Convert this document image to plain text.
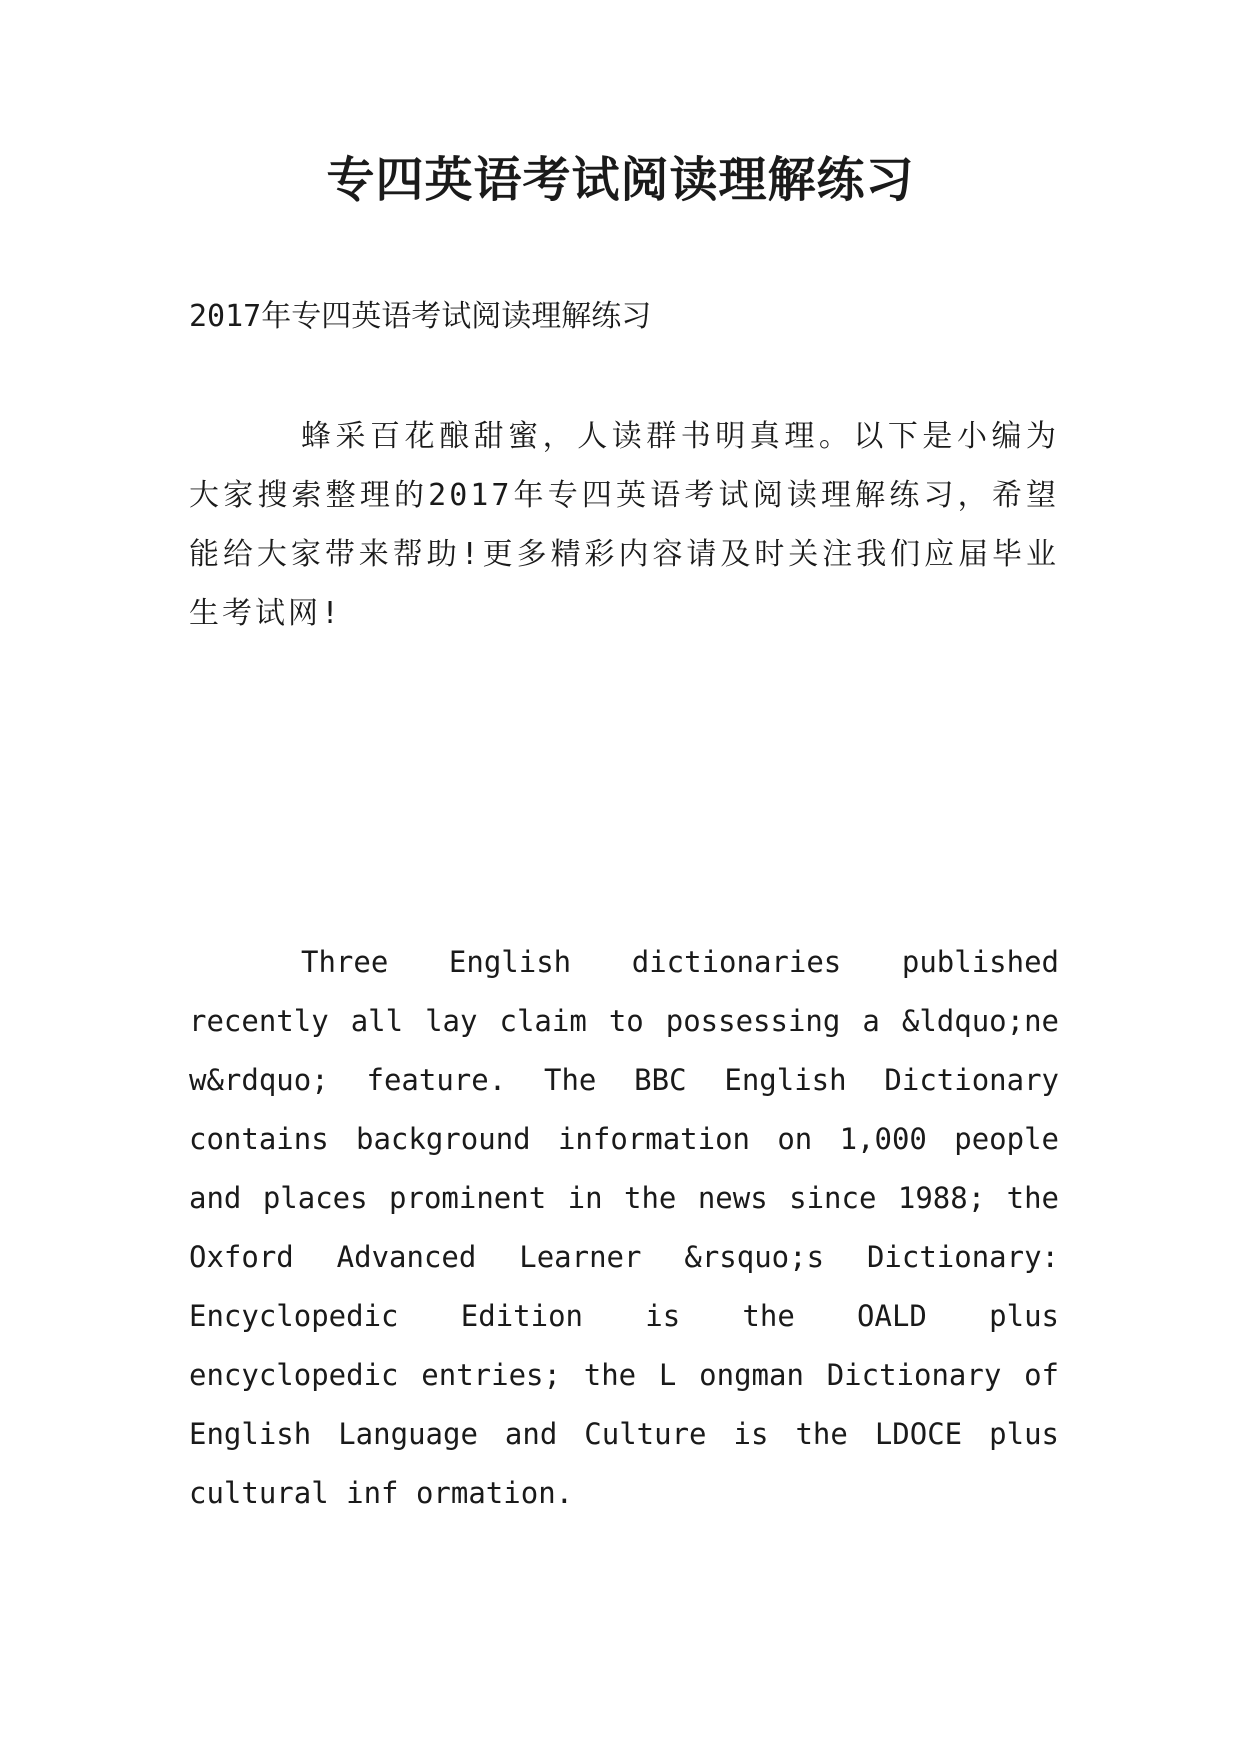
专四英语考试阅读理解练习

2017年专四英语考试阅读理解练习

蜂采百花酿甜蜜，人读群书明真理。以下是小编为大家搜索整理的2017年专四英语考试阅读理解练习，希望能给大家带来帮助!更多精彩内容请及时关注我们应届毕业生考试网!

Three English dictionaries published recently all lay claim to possessing a &ldquo;ne w&rdquo; feature. The BBC English Dictionary contains background information on 1,000 people and places prominent in the news since 1988; the Oxford Advanced Learner &rsquo;s Dictionary: Encyclopedic Edition is the OALD plus encyclopedic entries; the L ongman Dictionary of English Language and Culture is the LDOCE plus cultural inf ormation.
